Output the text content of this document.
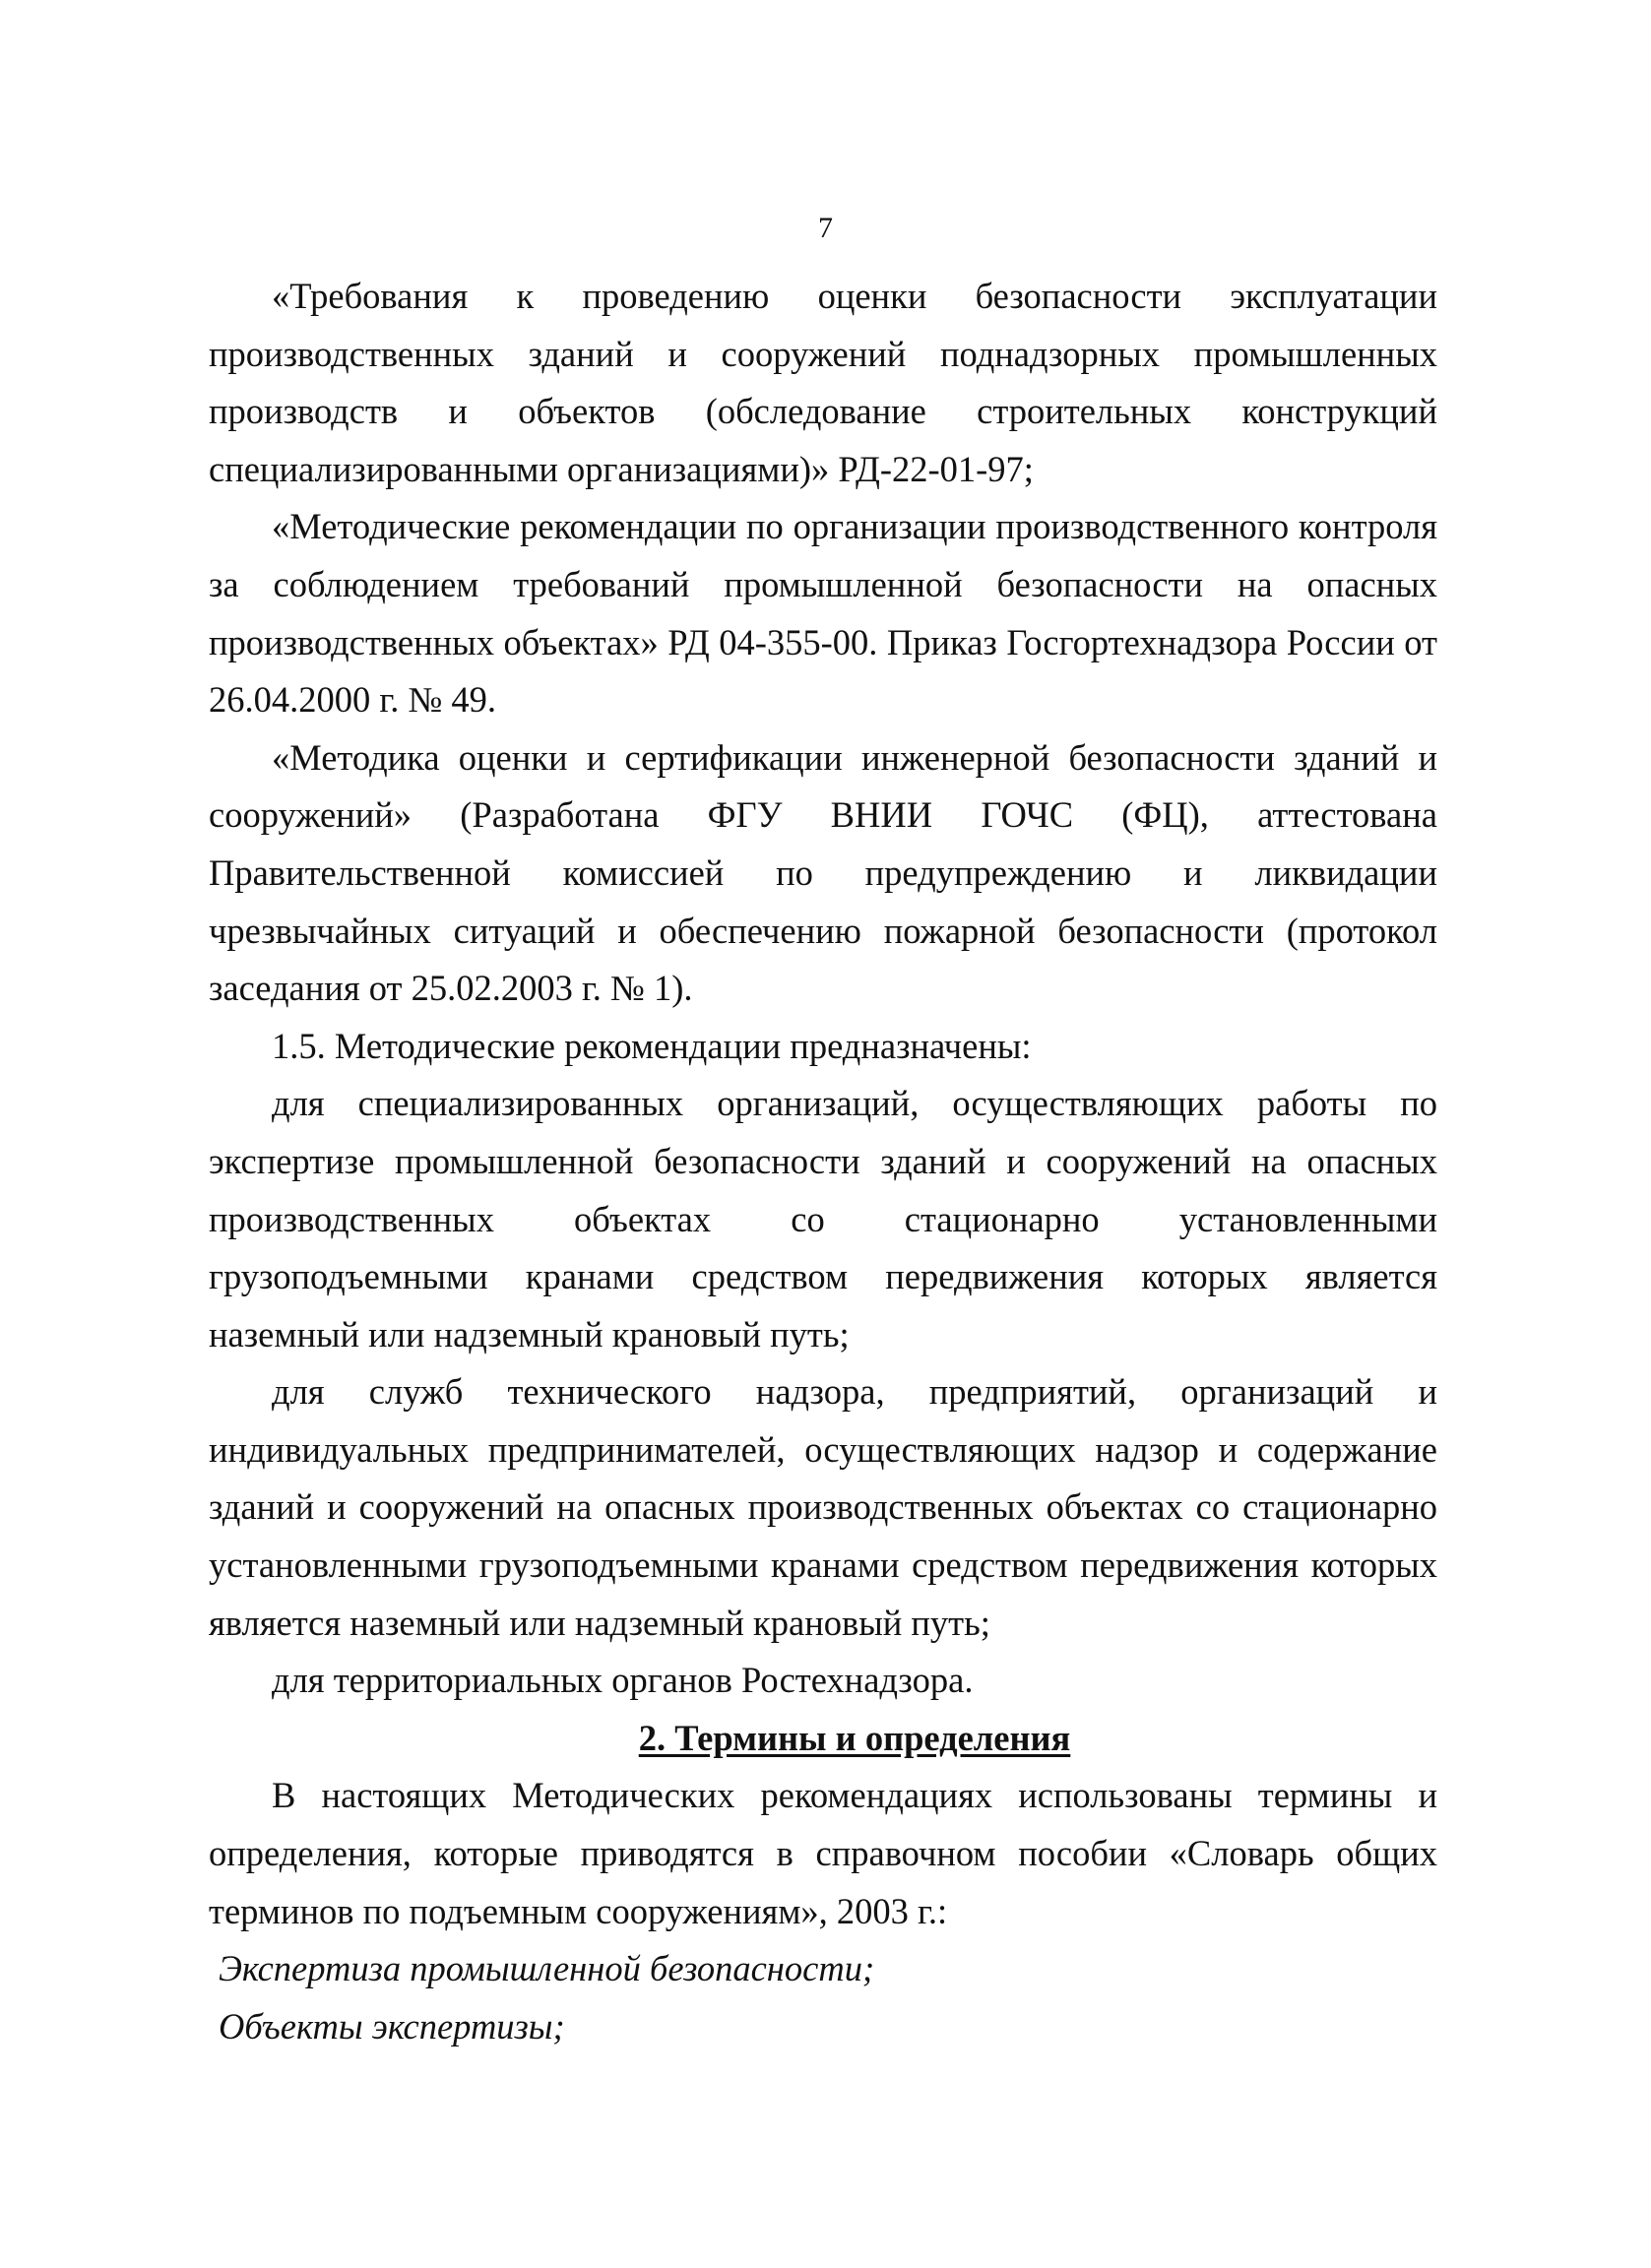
7

«Требования к проведению оценки безопасности эксплуатации производственных зданий и сооружений поднадзорных промышленных производств и объектов (обследование строительных конструкций специализированными организациями)» РД-22-01-97;

«Методические рекомендации по организации производственного контроля за соблюдением требований промышленной безопасности на опасных производственных объектах» РД 04-355-00. Приказ Госгортехнадзора России от 26.04.2000 г. № 49.

«Методика оценки и сертификации инженерной безопасности зданий и сооружений» (Разработана ФГУ ВНИИ ГОЧС (ФЦ), аттестована Правительственной комиссией по предупреждению и ликвидации чрезвычайных ситуаций и обеспечению пожарной безопасности (протокол заседания от 25.02.2003 г. № 1).

1.5. Методические рекомендации предназначены:

для специализированных организаций, осуществляющих работы по экспертизе промышленной безопасности зданий и сооружений на опасных производственных объектах со стационарно установленными грузоподъемными кранами средством передвижения которых является наземный или надземный крановый путь;

для служб технического надзора, предприятий, организаций и индивидуальных предпринимателей, осуществляющих надзор и содержание зданий и сооружений на опасных производственных объектах со стационарно установленными грузоподъемными кранами средством передвижения которых является наземный или надземный крановый путь;

для территориальных органов Ростехнадзора.

2. Термины и определения

В настоящих Методических рекомендациях использованы термины и определения, которые приводятся в справочном пособии «Словарь общих терминов по подъемным сооружениям», 2003 г.:

Экспертиза промышленной безопасности;

Объекты экспертизы;
